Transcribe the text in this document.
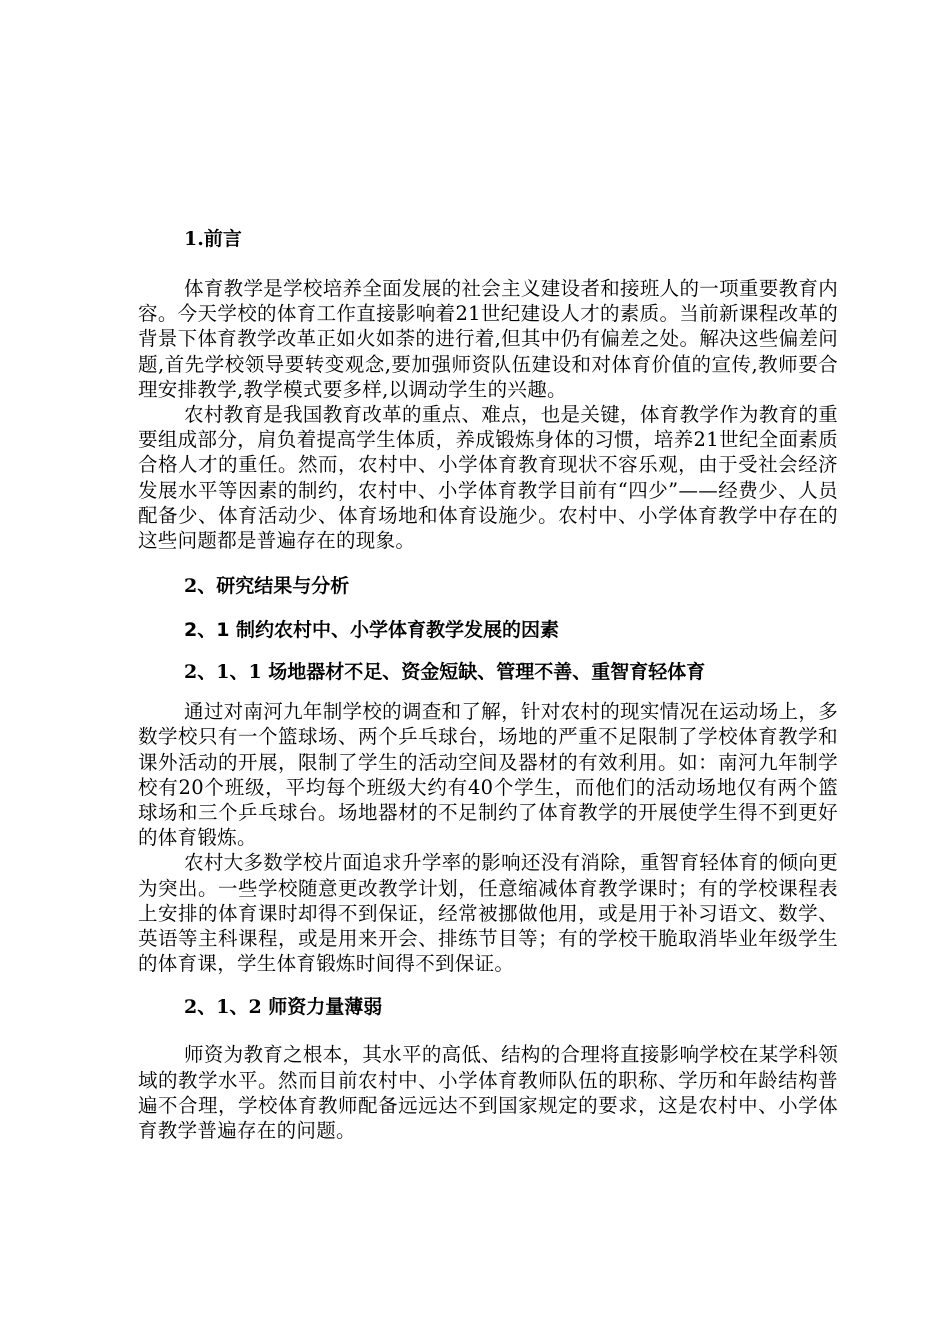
1.前言

体育教学是学校培养全面发展的社会主义建设者和接班人的一项重要教育内容。今天学校的体育工作直接影响着21世纪建设人才的素质。当前新课程改革的背景下体育教学改革正如火如荼的进行着,但其中仍有偏差之处。解决这些偏差问题,首先学校领导要转变观念,要加强师资队伍建设和对体育价值的宣传,教师要合理安排教学,教学模式要多样,以调动学生的兴趣。

农村教育是我国教育改革的重点、难点，也是关键，体育教学作为教育的重要组成部分，肩负着提高学生体质，养成锻炼身体的习惯，培养21世纪全面素质合格人才的重任。然而，农村中、小学体育教育现状不容乐观，由于受社会经济发展水平等因素的制约，农村中、小学体育教学目前有“四少”——经费少、人员配备少、体育活动少、体育场地和体育设施少。农村中、小学体育教学中存在的这些问题都是普遍存在的现象。

2、研究结果与分析
2、1 制约农村中、小学体育教学发展的因素
2、1、1 场地器材不足、资金短缺、管理不善、重智育轻体育

通过对南河九年制学校的调查和了解，针对农村的现实情况在运动场上，多数学校只有一个篮球场、两个乒乓球台，场地的严重不足限制了学校体育教学和课外活动的开展，限制了学生的活动空间及器材的有效利用。如：南河九年制学校有20个班级，平均每个班级大约有40个学生，而他们的活动场地仅有两个篮球场和三个乒乓球台。场地器材的不足制约了体育教学的开展使学生得不到更好的体育锻炼。

农村大多数学校片面追求升学率的影响还没有消除，重智育轻体育的倾向更为突出。一些学校随意更改教学计划，任意缩减体育教学课时；有的学校课程表上安排的体育课时却得不到保证，经常被挪做他用，或是用于补习语文、数学、英语等主科课程，或是用来开会、排练节目等；有的学校干脆取消毕业年级学生的体育课，学生体育锻炼时间得不到保证。

2、1、2 师资力量薄弱

师资为教育之根本，其水平的高低、结构的合理将直接影响学校在某学科领域的教学水平。然而目前农村中、小学体育教师队伍的职称、学历和年龄结构普遍不合理，学校体育教师配备远远达不到国家规定的要求，这是农村中、小学体育教学普遍存在的问题。
